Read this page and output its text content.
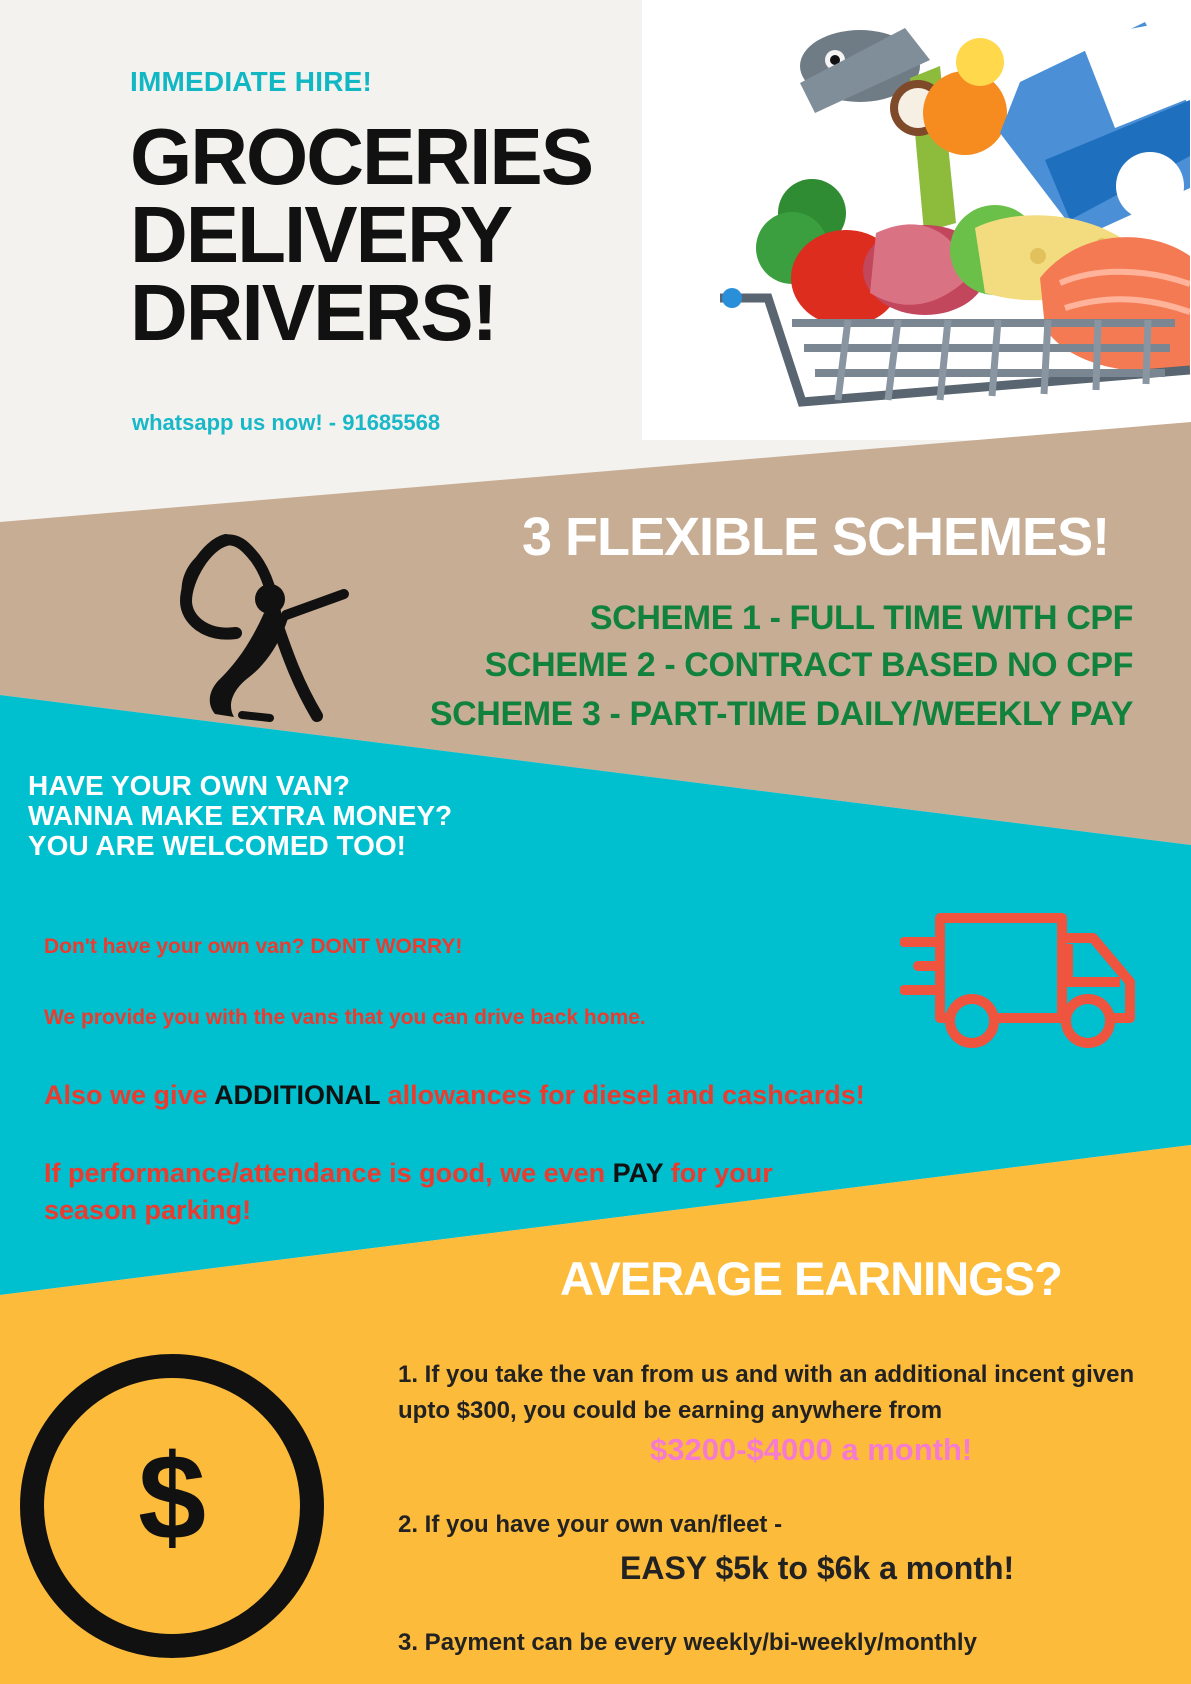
IMMEDIATE HIRE!

GROCERIES
DELIVERY
DRIVERS!

whatsapp us now! - 91685568

3 FLEXIBLE SCHEMES!

SCHEME 1 - FULL TIME WITH CPF

SCHEME 2 - CONTRACT BASED NO CPF

SCHEME 3 - PART-TIME DAILY/WEEKLY PAY

HAVE YOUR OWN VAN?
WANNA MAKE EXTRA MONEY?
YOU ARE WELCOMED TOO!

Don't have your own van? DONT WORRY!

We provide you with the vans that you can drive back home.

Also we give ADDITIONAL allowances for diesel and cashcards!

If performance/attendance is good, we even PAY for your season parking!

AVERAGE EARNINGS?

$

1. If you take the van from us and with an additional incent given upto $300, you could be earning anywhere from

$3200-$4000 a month!

2. If you have your own van/fleet -

EASY $5k to $6k a month!

3. Payment can be every weekly/bi-weekly/monthly
